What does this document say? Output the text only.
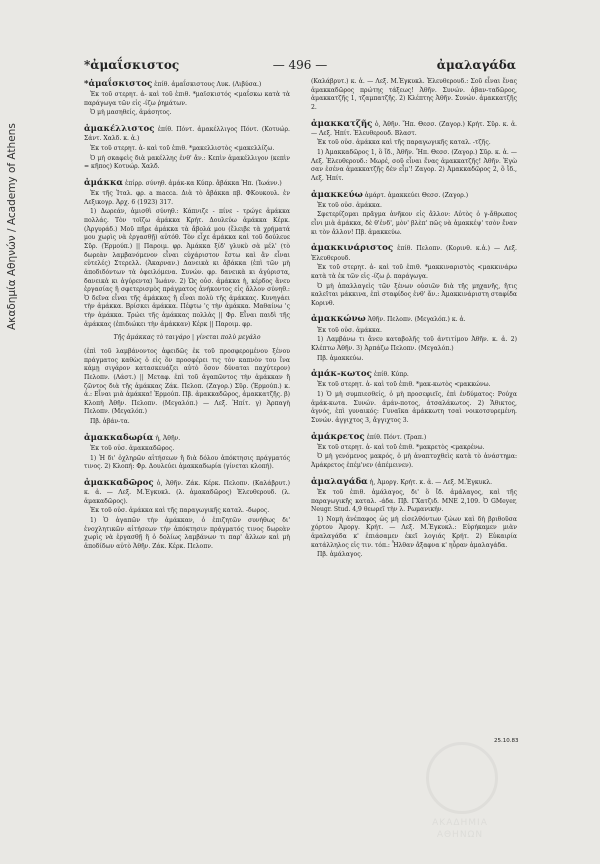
Ακαδημία Αθηνών / Academy of Athens
*ἀμαΐσκιστος	— 496 —	ἀμαλαγάδα
*ἀμαΐσκιστος ἐπίθ. ἀμαΐσκιστους Λυκ. (Λιβύσα.)
Ἐκ τοῦ στερητ. ἀ- καὶ τοῦ ἐπιθ. *μαϊσκιστός <μαΐσκω κατὰ τὰ παράγωγα τῶν εἰς -ίζω ῥημάτων.
Ὁ μὴ μασηθείς, ἀμάσητος.
ἀμακέλλιστος ἐπίθ. Πόντ. ἀμακέλλιγος Πόντ. (Κοτυώρ. Σάντ. Χαλδ. κ. ἀ.)
Ἐκ τοῦ στερητ. ἀ- καὶ τοῦ ἐπιθ. *μακελλιστὸς <μακελλίζω.
Ὁ μὴ σκαφεὶς διὰ μακέλλης ἐνθ' ἄν.: Κεπὶν ἀμακέλλιγον (κεπὶν = κῆπος) Κοτυώρ. Χαλδ.
ἀμάκκα ἐπίρρ. σύνηθ. ἀμάκ-κα Κύπρ. ἄβάκκα Ἠπ. (Ἰωάνν.)
Ἐκ τῆς Ἰταλ. φρ. a macca. Διὰ τὸ ἄβάκκα πβ. ΦΚουκουλ. ἐν Λεξικογρ. Ἀρχ. 6 (1923) 317.
1) Δωρεάν, ἀμισθὶ σύνηθ.: Κάπνιζε - πίνε - τρώγε ἀμάκκα πολλάς. Τὸν τοῖζω ἀμάκκα Κρήτ. Δουλεύω ἀμάκκα Κέρκ. (Ἀργυράδ.) Μοῦ πῆρε ἀμάκκα τὰ ἄβολά μου (ἔλειβε τὰ χρήματά μου χωρὶς νὰ ἐργασθῇ) αὐτόθ. Τὸν εἶχε ἀμάκκα καὶ τοῦ δούλευε Σῦρ. (Ἑρμούπ.) || Παροιμ. φρ. Ἀμάκκα ξίδ' γλυκὺ σὰ μέλ' (τὸ δωρεὰν λαμβανόμενον εἶναι εὐχάριστον ἔστω καὶ ἂν εἶναι εὐτελές) Στερελλ. (Ἀκαρναν.) Δανεικὰ κι ἄβάκκα (ἐπὶ τῶν μὴ ἀποδιδόντων τὰ ὀφειλόμενα. Συνών. φρ. δανεικὰ κι ἀγύριστα, δανεικὰ κι ἀγύρεντα) Ἰωάνν. 2) Ὡς οὐσ. ἀμάκκα ἡ, κέρδος ἄνευ ἐργασίας ἢ σφετερισμὸς πράγματος ἀνήκοντος εἰς ἄλλον σύνηθ.: Ὁ δεῖνα εἶναι τῆς ἀμάκκας ἢ εἶναι πολὺ τῆς ἀμάκκας. Κυνηγάει τὴν ἀμάκκα. Βρίσκει ἀμάκκα. Πέφτω 'ς τὴν ἀμάκκα. Μαθαίνω 'ς τὴν ἀμάκκα. Τρώει τῆς ἀμάκκας πολλὰς || Φρ. Εἶναι παιδὶ τῆς ἀμάκκας (ἐπιδιώκει τὴν ἀμάκκαν) Κέρκ || Παροιμ. φρ.
Τῆς ἀμάκκας τὸ ταιγάρο | γίνεται πολὺ μεγάλο
(ἐπὶ τοῦ λαμβάνοντος ἀφειδῶς ἐκ τοῦ προσφερομένου ξένου πράγματος καθὼς ὁ εἰς ὃν προσφέρει τις τὸν καπνὸν του ἵνα κάμῃ σιγάρον κατασκευάζει αὐτὸ ὅσον δύναται παχύτερον) Πελοπν. (Λάστ.) || Μεταφ. ἐπὶ τοῦ ἀγαπῶντος τὴν ἀμάκκαν ἢ ζῶντος διὰ τῆς ἀμάκκας Ζάκ. Πελοπ. (Ζαγορ.) Σῦρ. (Ἑρμούπ.) κ. ἀ.: Εἶναι μιὰ ἀμάκκα! Ἑρμούπ. Πβ. ἀμακκαδῶρος, ἀμακκατζῆς. β) Κλοπὴ Ἀθῆν. Πελοπν. (Μεγαλόπ.) — Λεξ. Ἠπίτ. γ) Ἁρπαγὴ Πελοπν. (Μεγαλόπ.)
Πβ. ἀβάν-τα.
ἀμακκαδωρία ἡ, Ἀθῆν.
Ἐκ τοῦ οὐσ. ἀμακκαδῶρος.
1) Ἡ δι' ὀχληρῶν αἰτήσεων ἢ διὰ δόλου ἀπόκτησις πράγματός τινος. 2) Κλοπή: Φρ. Δουλεύει ἀμακκαδωρία (γίνεται κλοπή).
ἀμακκαδῶρος ὁ, Ἀθῆν. Ζάκ. Κέρκ. Πελοπν. (Καλάβρυτ.) κ. ἀ. — Λεξ. Μ.Ἐγκυκλ. (λ. ἀμακαδῶρος) Ἐλευθερουδ. (λ. ἀμακαδῶρος).
Ἐκ τοῦ οὐσ. ἀμάκκα καὶ τῆς παραγωγικῆς καταλ. -δωρος.
1) Ὁ ἀγαπῶν τὴν ἀμάκκαν, ὁ ἐπιζητῶν συνήθως δι' ἐνοχλητικῶν αἰτήσεων τὴν ἀπόκτησιν πράγματός τινος δωρεὰν χωρὶς νὰ ἐργασθῇ ἢ ὁ δολίως λαμβάνων τι παρ' ἄλλων καὶ μὴ ἀποδίδων αὐτὸ Ἀθῆν. Ζάκ. Κέρκ. Πελοπν.
(Καλάβρυτ.) κ. ἀ. — Λεξ. Μ.Ἐγκυκλ. Ἐλευθερουδ.: Σοῦ εἶναι ἕνας ἀμακκαδῶρος πρώτης τάξεως! Ἀθῆν. Συνών. ἀβαν-ταδῶρος, ἀμακκατζῆς 1, τζαμπατζῆς. 2) Κλέπτης Ἀθῆν. Συνών. ἀμακκατζῆς 2.
ἀμακκατζῆς ὁ, Ἀθῆν. Ἤπ. Θεσσ. (Ζαγορ.) Κρήτ. Σῦρ. κ. ἀ. — Λεξ. Ἠπίτ. Ἐλευθερουδ. Βλαστ.
Ἐκ τοῦ οὐσ. ἀμάκκα καὶ τῆς παραγωγικῆς καταλ. -τζῆς.
1) Ἀμακκαδῶρος 1, ὃ ἴδ., Ἀθῆν. Ἤπ. Θεσσ. (Ζαγορ.) Σῦρ. κ. ἀ. — Λεξ. Ἐλευθερουδ.: Μωρέ, σοῦ εἶναι ἕνας ἀμακκατζῆς! Ἀθῆν. Ἐγὼ σαν ἐσένα ἀμακκατζῆς δὲν εἶμ'! Ζαγορ. 2) Ἀμακκαδῶρος 2, ὃ ἴδ., Λεξ. Ἠπίτ.
ἀμακκεύω ἀμάρτ. ἀμακκεύει Θεσσ. (Ζαγορ.)
Ἐκ τοῦ οὐσ. ἀμάκκα.
Σφετερίζομαι πρᾶγμα ἀνῆκον εἰς ἄλλον: Αὐτὸς ὁ γ-ἄθρωπος εἶνι μιὰ ἀμάκκα, δὲ θ'ἐνδ', μὸν' βλὲπ' πῶς νὰ ἀμακκέψ' τσὸν ἔναν κι τὸν ἄλλον! Πβ. ἀμακκεύω.
ἀμακκινάριστος ἐπίθ. Πελοπν. (Κορινθ. κ.ἀ.) — Λεξ. Ἐλευθερουδ.
Ἐκ τοῦ στερητ. ἀ- καὶ τοῦ ἐπιθ. *μακκιναριστὸς <μακκινάρω κατὰ τὰ ἐκ τῶν εἰς -ίζω ῥ. παράγωγα.
Ὁ μὴ ἀπαλλαγεὶς τῶν ξένων οὐσιῶν διὰ τῆς μηχανῆς, ἥτις καλεῖται μάκκινα, ἐπὶ σταφίδος ἐνθ' ἄν.: Ἀμακκινάριστη σταφίδα Κορινθ.
ἀμακκώνω Ἀθῆν. Πελοπν. (Μεγαλόπ.) κ. ἀ.
Ἐκ τοῦ οὐσ. ἀμάκκα.
1) Λαμβάνω τι ἄνευ καταβολῆς τοῦ ἀντιτίμου Ἀθῆν. κ. ἀ. 2) Κλέπτω Ἀθῆν. 3) Ἁρπάζω Πελοπν. (Μεγαλόπ.)
Πβ. ἀμακκεύω.
ἀμάκ-κωτος ἐπίθ. Κύπρ.
Ἐκ τοῦ στερητ. ἀ- καὶ τοῦ ἐπιθ. *μακ-κωτὸς <μακκώνω.
1) Ὁ μὴ συμπιεσθείς, ὁ μὴ προσεφιεῖς, ἐπὶ ἐνδύματος: Ρούχα ἀμάκ-κωτα. Συνών. ἀμάν-ποτος, ἀτσαλάκωτος. 2) Ἄθικτος, ἁγνός, ἐπὶ γυναικός: Γυναῖκα ἀμάκκωτη τσαὶ νοικοτσυρεμένη. Συνών. ἀγγιχτος 3, ἄγγιχτος 3.
ἀμάκρετος ἐπίθ. Πόντ. (Τραπ.)
Ἐκ τοῦ στερητ. ἀ- καὶ τοῦ ἐπιθ. *μακρετὸς <μακρένω.
Ὁ μὴ γενόμενος μακρός, ὁ μὴ ἀναπτυχθεὶς κατὰ τὸ ἀνάστημα: Ἀμάκρετος ἐπέμ'νεν (ἀπέμεινεν).
ἀμαλαγάδα ἡ, Ἀμοργ. Κρήτ. κ. ἀ. — Λεξ. Μ.Ἐγκυκλ.
Ἐκ τοῦ ἐπιθ. ἀμάλαγος, δι' ὃ ἴδ. ἀμάλαγος, καὶ τῆς παραγωγικῆς καταλ. -άδα. Πβ. ΓΧατζιδ. ΜΝΕ 2,109. Ὁ GMeyer, Neugr. Stud. 4,9 θεωρεῖ τὴν λ. Ρωμανικήν.
1) Νομὴ ἀνέπαφος ὡς μὴ εἰσελθόντων ζώων καὶ δὴ βριθοῦσα χόρτου Ἀμοργ. Κρήτ. — Λεξ. Μ.Ἐγκυκλ.: Εὑρήκαμεν μιὰν ἀμαλαγάδα κ' ἐπιάσαμεν ἐκεῖ λογιάς Κρήτ. 2) Εὐκαιρία κατάλληλος εἰς τιν. τόπ.: Ἦλθαν ἄξαφνα κ' ηὗραν ἀμαλαγάδα.
Πβ. ἀμάλαγος.
ΑΚΑΔΗΜΙΑ
ΑΘΗΝΩΝ
25.10.83
